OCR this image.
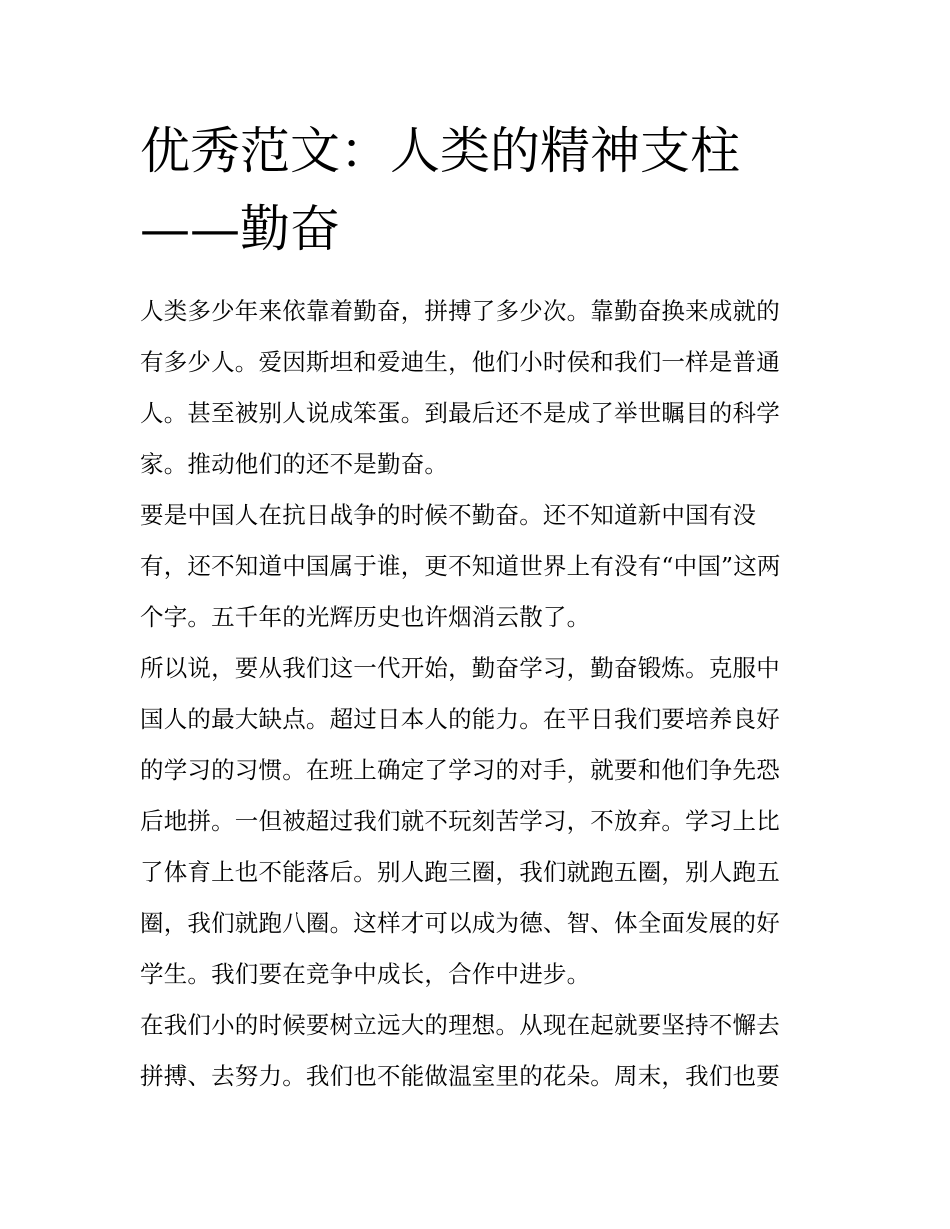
优秀范文：人类的精神支柱
——勤奋

人类多少年来依靠着勤奋，拼搏了多少次。靠勤奋换来成就的
有多少人。爱因斯坦和爱迪生，他们小时侯和我们一样是普通
人。甚至被别人说成笨蛋。到最后还不是成了举世瞩目的科学
家。推动他们的还不是勤奋。

要是中国人在抗日战争的时候不勤奋。还不知道新中国有没
有，还不知道中国属于谁，更不知道世界上有没有“中国”这两
个字。五千年的光辉历史也许烟消云散了。

所以说，要从我们这一代开始，勤奋学习，勤奋锻炼。克服中
国人的最大缺点。超过日本人的能力。在平日我们要培养良好
的学习的习惯。在班上确定了学习的对手，就要和他们争先恐
后地拼。一但被超过我们就不玩刻苦学习，不放弃。学习上比
了体育上也不能落后。别人跑三圈，我们就跑五圈，别人跑五
圈，我们就跑八圈。这样才可以成为德、智、体全面发展的好
学生。我们要在竞争中成长，合作中进步。

在我们小的时候要树立远大的理想。从现在起就要坚持不懈去
拼搏、去努力。我们也不能做温室里的花朵。周末，我们也要
